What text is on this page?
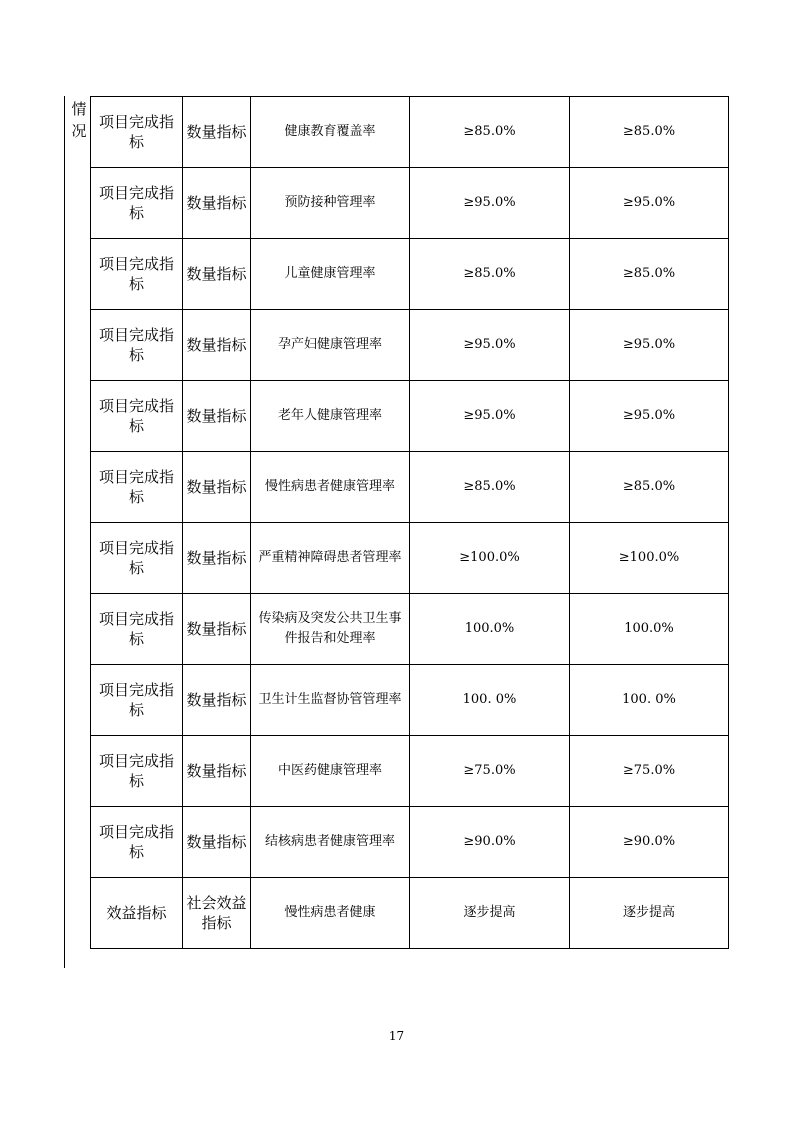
情况 项目完成指标	数量指标	健康教育覆盖率	≥85.0%	≥85.0%
项目完成指标	数量指标	预防接种管理率	≥95.0%	≥95.0%
项目完成指标	数量指标	儿童健康管理率	≥85.0%	≥85.0%
项目完成指标	数量指标	孕产妇健康管理率	≥95.0%	≥95.0%
项目完成指标	数量指标	老年人健康管理率	≥95.0%	≥95.0%
项目完成指标	数量指标	慢性病患者健康管理率	≥85.0%	≥85.0%
项目完成指标	数量指标	严重精神障碍患者管理率	≥100.0%	≥100.0%
项目完成指标	数量指标	传染病及突发公共卫生事件报告和处理率	100.0%	100.0%
项目完成指标	数量指标	卫生计生监督协管管理率	100. 0%	100. 0%
项目完成指标	数量指标	中医药健康管理率	≥75.0%	≥75.0%
项目完成指标	数量指标	结核病患者健康管理率	≥90.0%	≥90.0%
效益指标	社会效益指标	慢性病患者健康	逐步提高	逐步提高
17
